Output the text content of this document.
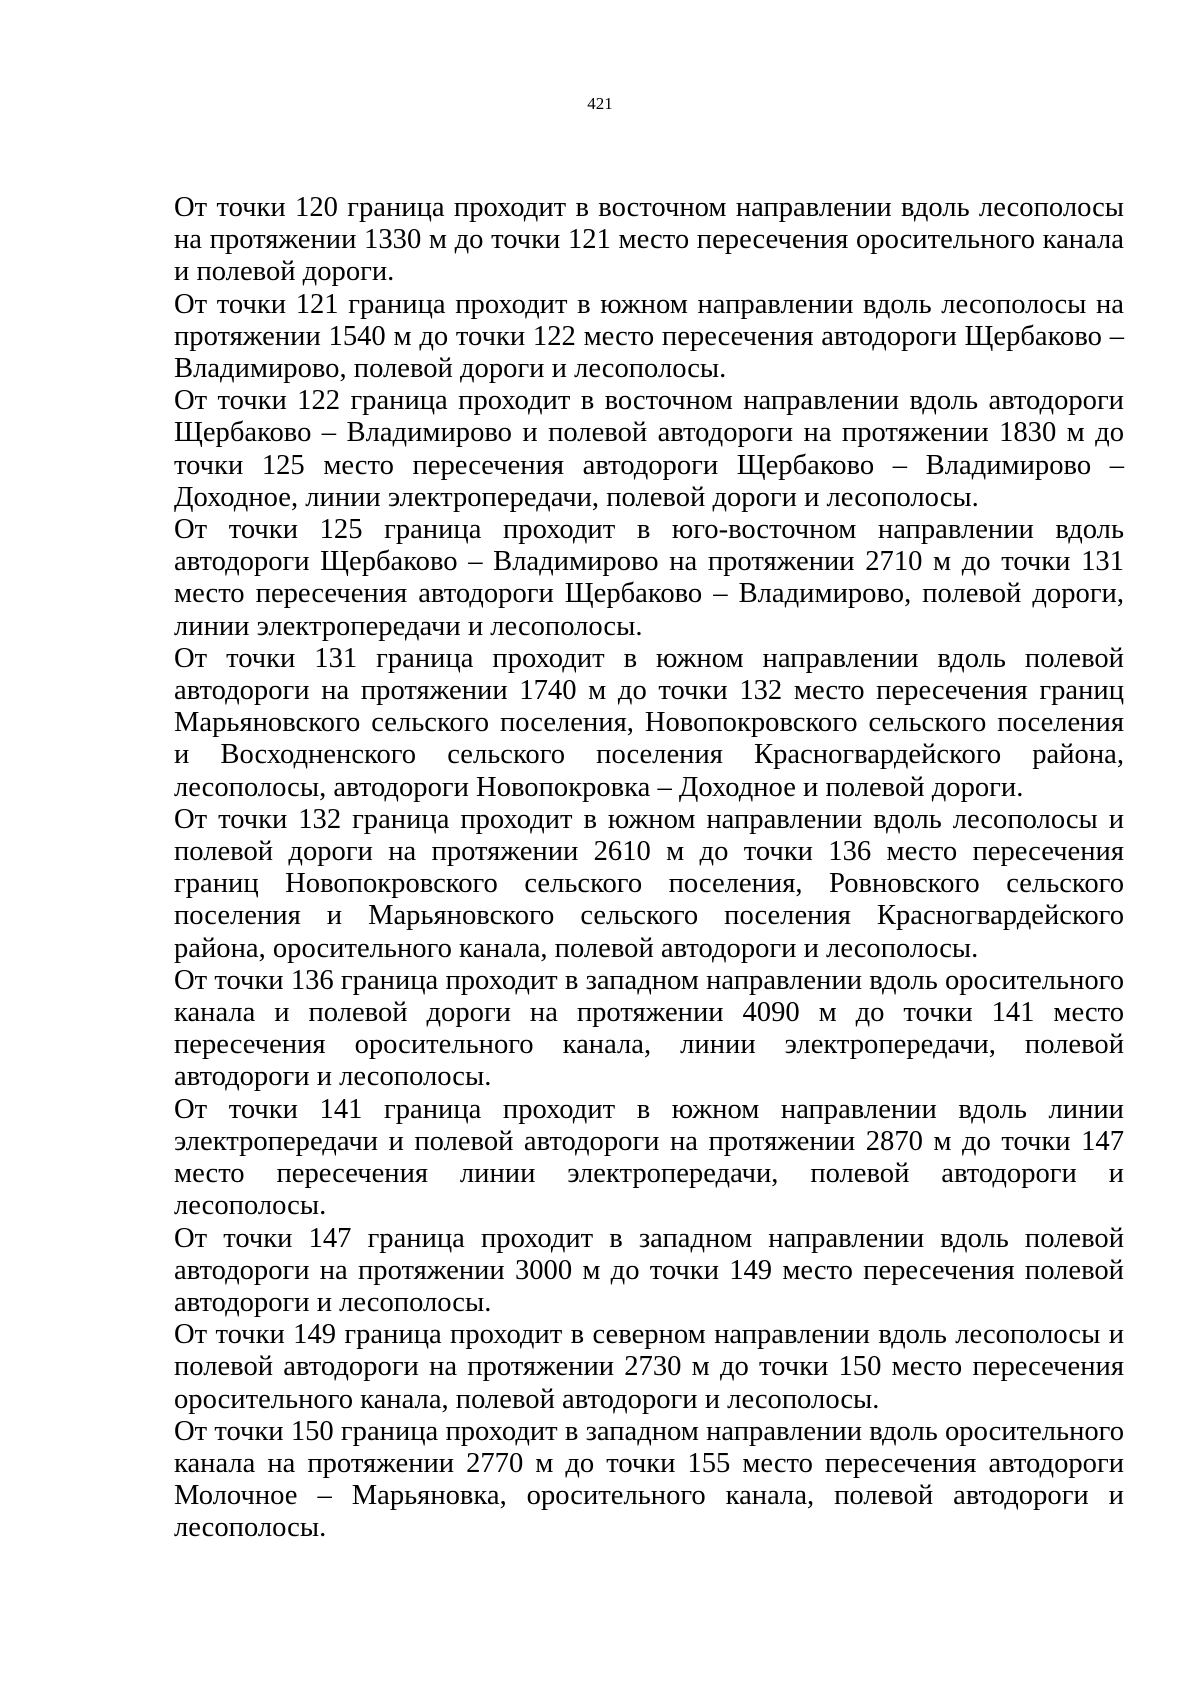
421

От точки 120 граница проходит в восточном направлении вдоль лесополосы на протяжении 1330 м до точки 121 место пересечения оросительного канала и полевой дороги.

От точки 121 граница проходит в южном направлении вдоль лесополосы на протяжении 1540 м до точки 122 место пересечения автодороги Щербаково – Владимирово, полевой дороги и лесополосы.

От точки 122 граница проходит в восточном направлении вдоль автодороги Щербаково – Владимирово и полевой автодороги на протяжении 1830 м до точки 125 место пересечения автодороги Щербаково – Владимирово – Доходное, линии электропередачи, полевой дороги и лесополосы.

От точки 125 граница проходит в юго-восточном направлении вдоль автодороги Щербаково – Владимирово на протяжении 2710 м до точки 131 место пересечения автодороги Щербаково – Владимирово, полевой дороги, линии электропередачи и лесополосы.

От точки 131 граница проходит в южном направлении вдоль полевой автодороги на протяжении 1740 м до точки 132 место пересечения границ Марьяновского сельского поселения, Новопокровского сельского поселения и Восходненского сельского поселения Красногвардейского района, лесополосы, автодороги Новопокровка – Доходное и полевой дороги.

От точки 132 граница проходит в южном направлении вдоль лесополосы и полевой дороги на протяжении 2610 м до точки 136 место пересечения границ Новопокровского сельского поселения, Ровновского сельского поселения и Марьяновского сельского поселения Красногвардейского района, оросительного канала, полевой автодороги и лесополосы.

От точки 136 граница проходит в западном направлении вдоль оросительного канала и полевой дороги на протяжении 4090 м до точки 141 место пересечения оросительного канала, линии электропередачи, полевой автодороги и лесополосы.

От точки 141 граница проходит в южном направлении вдоль линии электропередачи и полевой автодороги на протяжении 2870 м до точки 147 место пересечения линии электропередачи, полевой автодороги и лесополосы.

От точки 147 граница проходит в западном направлении вдоль полевой автодороги на протяжении 3000 м до точки 149 место пересечения полевой автодороги и лесополосы.

От точки 149 граница проходит в северном направлении вдоль лесополосы и полевой автодороги на протяжении 2730 м до точки 150 место пересечения оросительного канала, полевой автодороги и лесополосы.

От точки 150 граница проходит в западном направлении вдоль оросительного канала на протяжении 2770 м до точки 155 место пересечения автодороги Молочное – Марьяновка, оросительного канала, полевой автодороги и лесополосы.
